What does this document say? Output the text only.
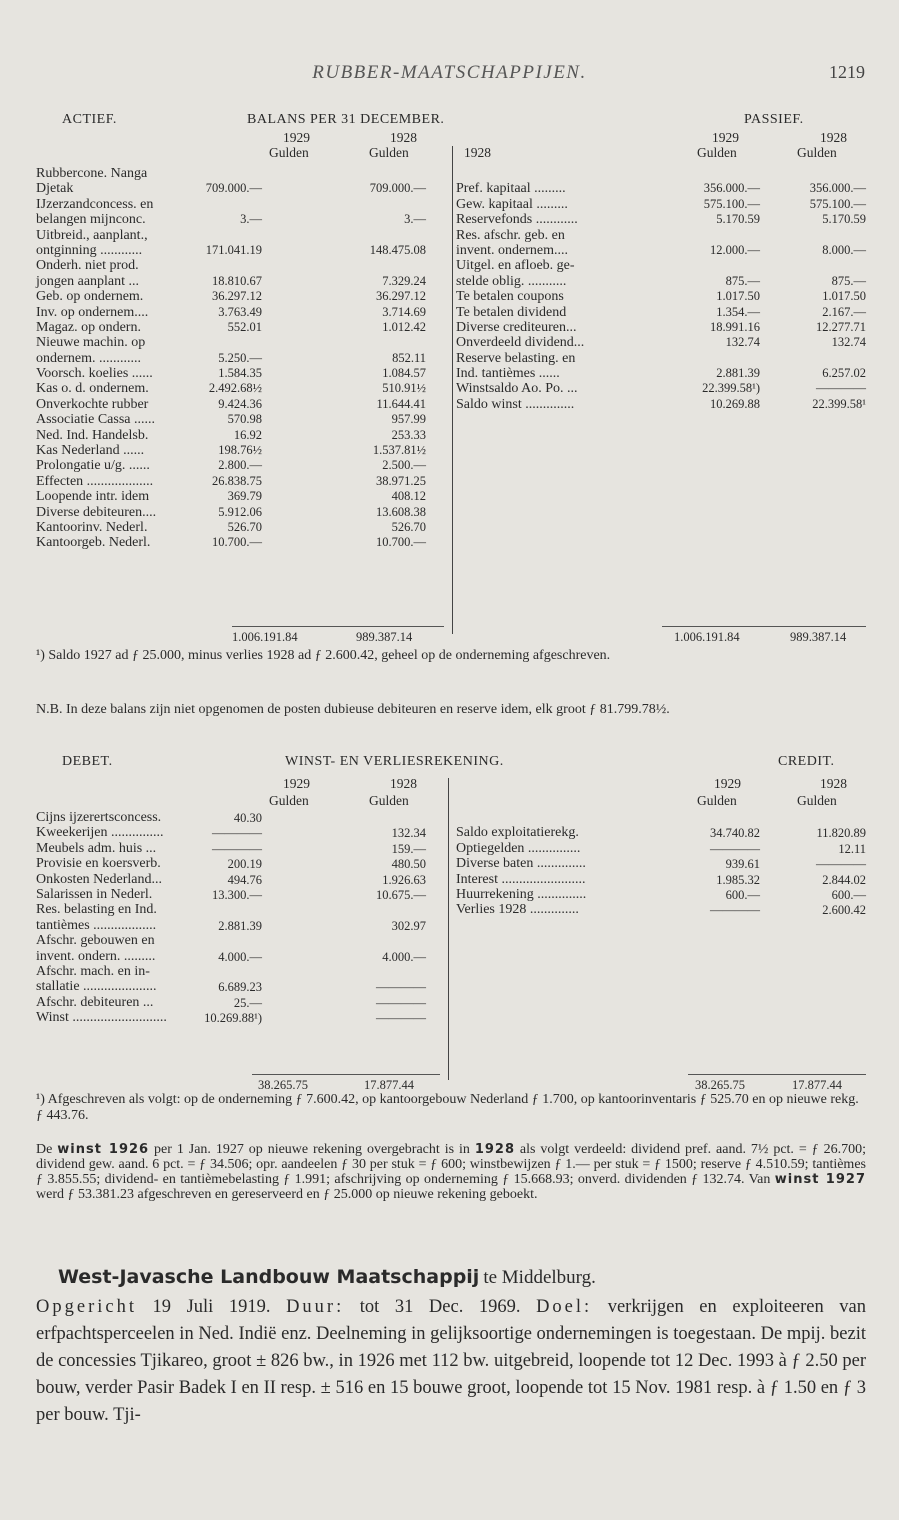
RUBBER-MAATSCHAPPIJEN.	1219
ACTIEF.	BALANS PER 31 DECEMBER.	PASSIEF.
1929	1928
Gulden	Gulden	1928
1929	1928
Gulden	Gulden
Rubbercone. Nanga
Djetak	709.000.—	709.000.—
IJzerzandconcess. en
belangen mijnconc.	3.—	3.—
Uitbreid., aanplant.,
ontginning ............	171.041.19	148.475.08
Onderh. niet prod.
jongen aanplant ...	18.810.67	7.329.24
Geb. op ondernem.	36.297.12	36.297.12
Inv. op ondernem....	3.763.49	3.714.69
Magaz. op ondern.	552.01	1.012.42
Nieuwe machin. op
ondernem. ............	5.250.—	852.11
Voorsch. koelies ......	1.584.35	1.084.57
Kas o. d. ondernem.	2.492.68½	510.91½
Onverkochte rubber	9.424.36	11.644.41
Associatie Cassa ......	570.98	957.99
Ned. Ind. Handelsb.	16.92	253.33
Kas Nederland ......	198.76½	1.537.81½
Prolongatie u/g. ......	2.800.—	2.500.—
Effecten ...................	26.838.75	38.971.25
Loopende intr. idem	369.79	408.12
Diverse debiteuren....	5.912.06	13.608.38
Kantoorinv. Nederl.	526.70	526.70
Kantoorgeb. Nederl.	10.700.—	10.700.—
Pref. kapitaal .........	356.000.—	356.000.—
Gew. kapitaal .........	575.100.—	575.100.—
Reservefonds ............	5.170.59	5.170.59
Res. afschr. geb. en
invent. ondernem....	12.000.—	8.000.—
Uitgel. en afloeb. ge-
stelde oblig. ...........	875.—	875.—
Te betalen coupons	1.017.50	1.017.50
Te betalen dividend	1.354.—	2.167.—
Diverse crediteuren...	18.991.16	12.277.71
Onverdeeld dividend...	132.74	132.74
Reserve belasting. en
Ind. tantièmes ......	2.881.39	6.257.02
Winstsaldo Ao. Po. ...	22.399.58¹)	————
Saldo winst ..............	10.269.88	22.399.58¹
1.006.191.84	989.387.14	1.006.191.84	989.387.14
¹) Saldo 1927 ad ƒ 25.000, minus verlies 1928 ad ƒ 2.600.42, geheel op de onderneming afgeschreven.
N.B. In deze balans zijn niet opgenomen de posten dubieuse debiteuren en reserve idem, elk groot ƒ 81.799.78½.
DEBET.	WINST- EN VERLIESREKENING.	CREDIT.
1929	1928
Gulden	Gulden
1929	1928
Gulden	Gulden
Cijns ijzerertsconcess.	40.30
Kweekerijen ...............	————	132.34
Meubels adm. huis ...	————	159.—
Provisie en koersverb.	200.19	480.50
Onkosten Nederland...	494.76	1.926.63
Salarissen in Nederl.	13.300.—	10.675.—
Res. belasting en Ind.
tantièmes ..................	2.881.39	302.97
Afschr. gebouwen en
invent. ondern. .........	4.000.—	4.000.—
Afschr. mach. en in-
stallatie .....................	6.689.23	————
Afschr. debiteuren ...	25.—	————
Winst ...........................	10.269.88¹)	————
Saldo exploitatierekg.	34.740.82	11.820.89
Optiegelden ...............	————	12.11
Diverse baten ..............	939.61	————
Interest ........................	1.985.32	2.844.02
Huurrekening ..............	600.—	600.—
Verlies 1928 ..............	————	2.600.42
38.265.75	17.877.44	38.265.75	17.877.44
¹) Afgeschreven als volgt: op de onderneming ƒ 7.600.42, op kantoorgebouw Nederland ƒ 1.700, op kantoorinventaris ƒ 525.70 en op nieuwe rekg. ƒ 443.76.
De winst 1926 per 1 Jan. 1927 op nieuwe rekening overgebracht is in 1928 als volgt verdeeld: dividend pref. aand. 7½ pct. = ƒ 26.700; dividend gew. aand. 6 pct. = ƒ 34.506; opr. aandeelen ƒ 30 per stuk = ƒ 600; winstbewijzen ƒ 1.— per stuk = ƒ 1500; reserve ƒ 4.510.59; tantièmes ƒ 3.855.55; dividend- en tantièmebelasting ƒ 1.991; afschrijving op onderneming ƒ 15.668.93; onverd. dividenden ƒ 132.74. Van winst 1927 werd ƒ 53.381.23 afgeschreven en gereserveerd en ƒ 25.000 op nieuwe rekening geboekt.
West-Javasche Landbouw Maatschappij te Middelburg.
Opgericht 19 Juli 1919. Duur: tot 31 Dec. 1969. Doel: verkrijgen en exploiteeren van erfpachtsperceelen in Ned. Indië enz. Deelneming in gelijksoortige ondernemingen is toegestaan. De mpij. bezit de concessies Tjikareo, groot ± 826 bw., in 1926 met 112 bw. uitgebreid, loopende tot 12 Dec. 1993 à ƒ 2.50 per bouw, verder Pasir Badek I en II resp. ± 516 en 15 bouwe groot, loopende tot 15 Nov. 1981 resp. à ƒ 1.50 en ƒ 3 per bouw. Tji-
